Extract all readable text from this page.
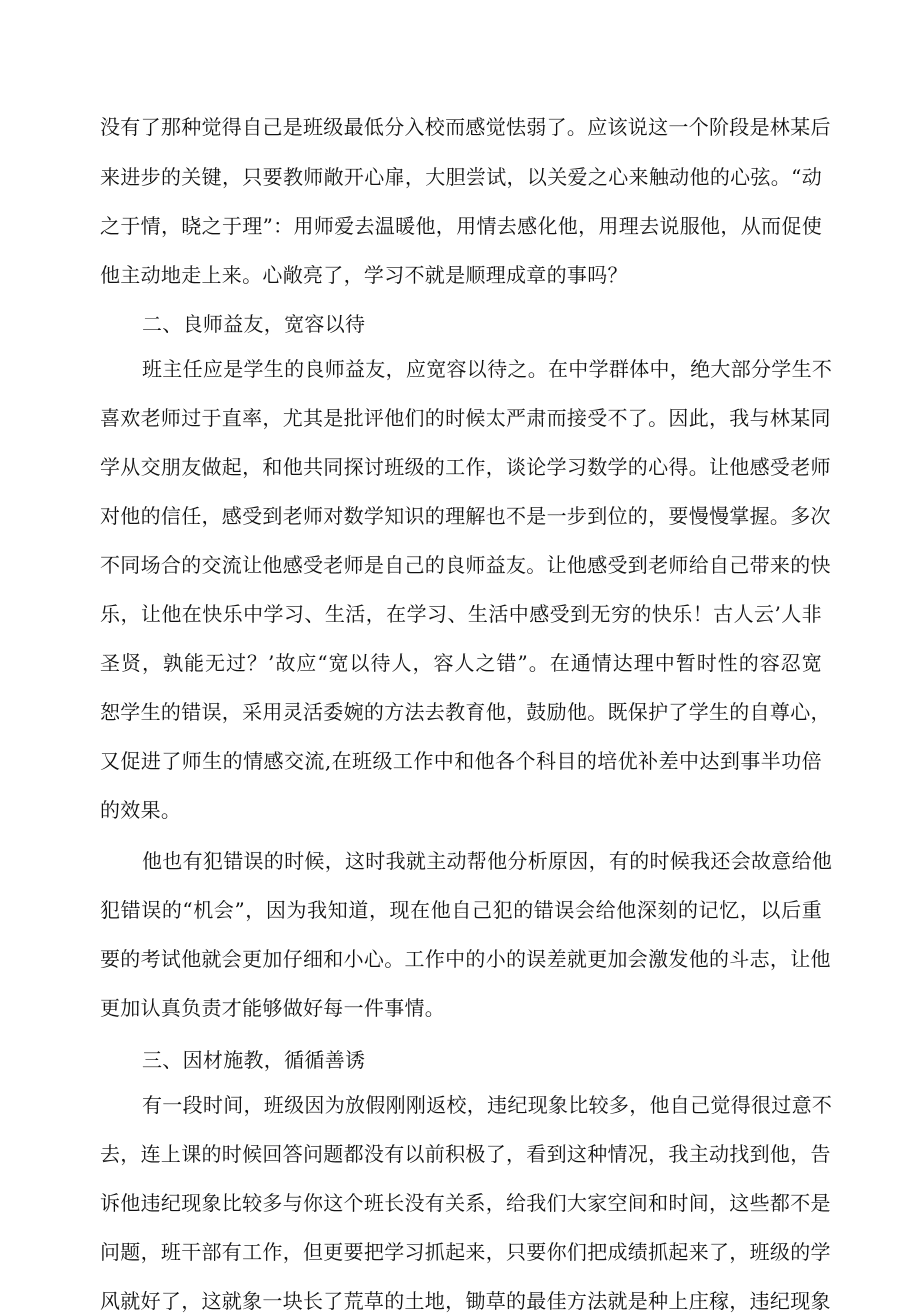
没有了那种觉得自己是班级最低分入校而感觉怯弱了。应该说这一个阶段是林某后
来进步的关键，只要教师敞开心扉，大胆尝试，以关爱之心来触动他的心弦。“动
之于情，晓之于理”：用师爱去温暖他，用情去感化他，用理去说服他，从而促使
他主动地走上来。心敞亮了，学习不就是顺理成章的事吗？
二、良师益友，宽容以待
班主任应是学生的良师益友，应宽容以待之。在中学群体中，绝大部分学生不
喜欢老师过于直率，尤其是批评他们的时候太严肃而接受不了。因此，我与林某同
学从交朋友做起，和他共同探讨班级的工作，谈论学习数学的心得。让他感受老师
对他的信任，感受到老师对数学知识的理解也不是一步到位的，要慢慢掌握。多次
不同场合的交流让他感受老师是自己的良师益友。让他感受到老师给自己带来的快
乐，让他在快乐中学习、生活，在学习、生活中感受到无穷的快乐！古人云’人非
圣贤，孰能无过？’故应“宽以待人，容人之错”。在通情达理中暂时性的容忍宽
恕学生的错误，采用灵活委婉的方法去教育他，鼓励他。既保护了学生的自尊心，
又促进了师生的情感交流,在班级工作中和他各个科目的培优补差中达到事半功倍
的效果。
他也有犯错误的时候，这时我就主动帮他分析原因，有的时候我还会故意给他
犯错误的“机会”，因为我知道，现在他自己犯的错误会给他深刻的记忆，以后重
要的考试他就会更加仔细和小心。工作中的小的误差就更加会激发他的斗志，让他
更加认真负责才能够做好每一件事情。
三、因材施教，循循善诱
有一段时间，班级因为放假刚刚返校，违纪现象比较多，他自己觉得很过意不
去，连上课的时候回答问题都没有以前积极了，看到这种情况，我主动找到他，告
诉他违纪现象比较多与你这个班长没有关系，给我们大家空间和时间，这些都不是
问题，班干部有工作，但更要把学习抓起来，只要你们把成绩抓起来了，班级的学
风就好了，这就象一块长了荒草的土地，锄草的最佳方法就是种上庄稼，违纪现象
